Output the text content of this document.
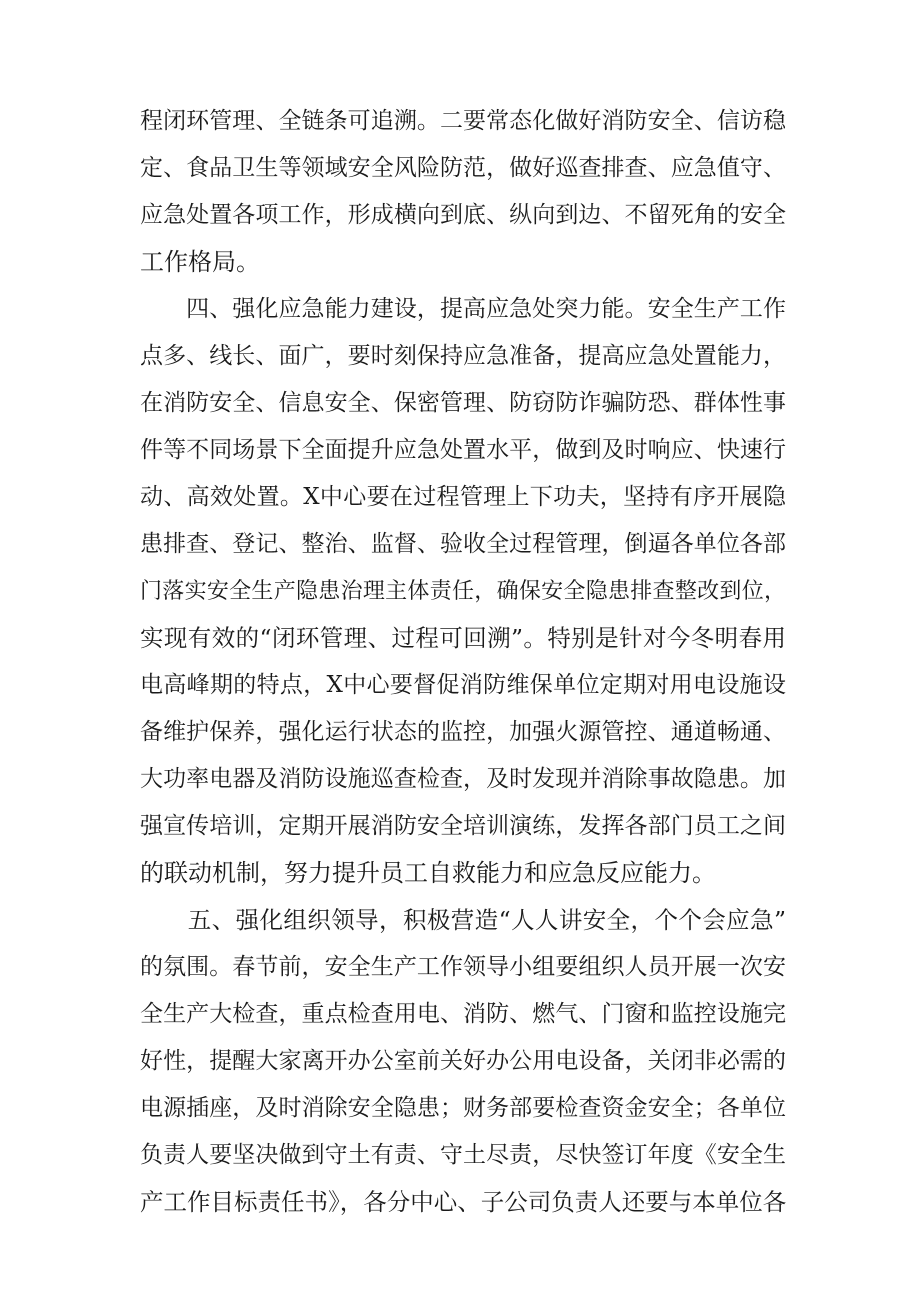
程闭环管理、全链条可追溯。二要常态化做好消防安全、信访稳
定、食品卫生等领域安全风险防范，做好巡查排查、应急值守、
应急处置各项工作，形成横向到底、纵向到边、不留死角的安全
工作格局。
　　四、强化应急能力建设，提高应急处突力能。安全生产工作
点多、线长、面广，要时刻保持应急准备，提高应急处置能力，
在消防安全、信息安全、保密管理、防窃防诈骗防恐、群体性事
件等不同场景下全面提升应急处置水平，做到及时响应、快速行
动、高效处置。X中心要在过程管理上下功夫，坚持有序开展隐
患排查、登记、整治、监督、验收全过程管理，倒逼各单位各部
门落实安全生产隐患治理主体责任，确保安全隐患排查整改到位，
实现有效的“闭环管理、过程可回溯”。特别是针对今冬明春用
电高峰期的特点，X中心要督促消防维保单位定期对用电设施设
备维护保养，强化运行状态的监控，加强火源管控、通道畅通、
大功率电器及消防设施巡查检查，及时发现并消除事故隐患。加
强宣传培训，定期开展消防安全培训演练，发挥各部门员工之间
的联动机制，努力提升员工自救能力和应急反应能力。
　　五、强化组织领导，积极营造“人人讲安全，个个会应急”
的氛围。春节前，安全生产工作领导小组要组织人员开展一次安
全生产大检查，重点检查用电、消防、燃气、门窗和监控设施完
好性，提醒大家离开办公室前关好办公用电设备，关闭非必需的
电源插座，及时消除安全隐患；财务部要检查资金安全；各单位
负责人要坚决做到守土有责、守土尽责，尽快签订年度《安全生
产工作目标责任书》，各分中心、子公司负责人还要与本单位各
